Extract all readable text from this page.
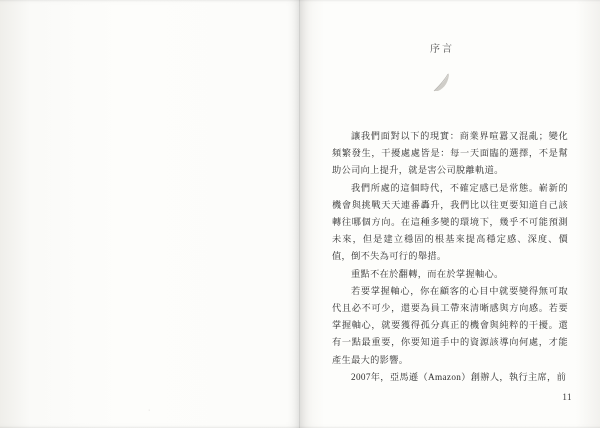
·
序言

讓我們面對以下的現實：商業界喧囂又混亂；變化頻繁發生，干擾處處皆是：每一天面臨的選擇，不是幫助公司向上提升，就是害公司脫離軌道。

我們所處的這個時代，不確定感已是常態。嶄新的機會與挑戰天天連番轟升，我們比以往更要知道自己該轉往哪個方向。在這種多變的環境下，幾乎不可能預測未來，但是建立穩固的根基來提高穩定感、深度、價值，倒不失為可行的舉措。

重點不在於翻轉，而在於掌握軸心。

若要掌握軸心，你在顧客的心目中就要變得無可取代且必不可少，還要為員工帶來清晰感與方向感。若要掌握軸心，就要獲得孤分真正的機會與純粹的干擾。還有一點最重要，你要知道手中的資源該導向何處，才能產生最大的影響。

2007年，亞馬遜（Amazon）創辦人，執行主席，前

11
